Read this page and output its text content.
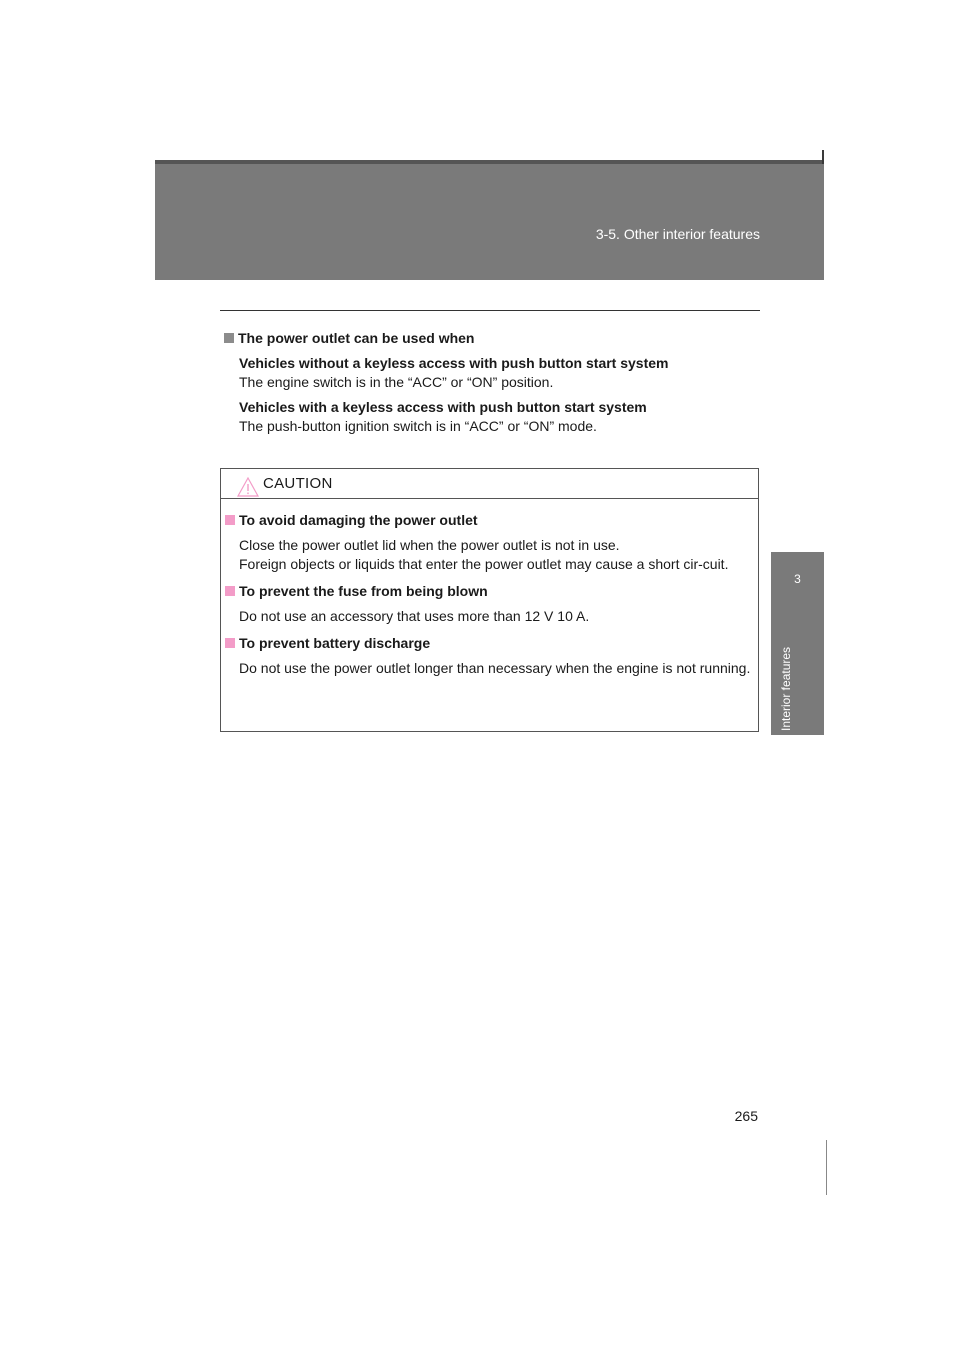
3-5. Other interior features
3
Interior features
The power outlet can be used when
Vehicles without a keyless access with push button start system
The engine switch is in the “ACC” or “ON” position.
Vehicles with a keyless access with push button start system
The push-button ignition switch is in “ACC” or “ON” mode.
CAUTION
To avoid damaging the power outlet
Close the power outlet lid when the power outlet is not in use.
Foreign objects or liquids that enter the power outlet may cause a short cir-cuit.
To prevent the fuse from being blown
Do not use an accessory that uses more than 12 V 10 A.
To prevent battery discharge
Do not use the power outlet longer than necessary when the engine is not running.
265
